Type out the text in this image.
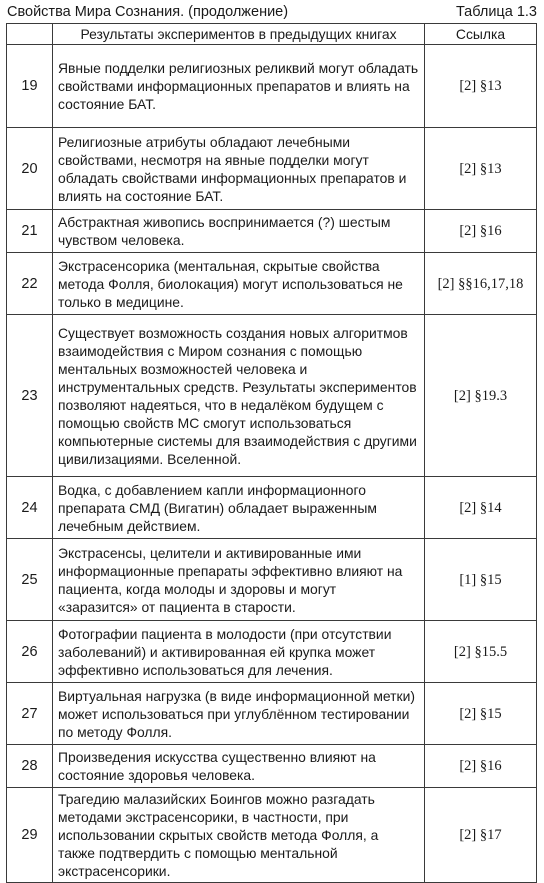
Свойства Мира Сознания. (продолжение)	Таблица 1.3
	Результаты экспериментов в предыдущих книгах	Ссылка
19	Явные подделки религиозных реликвий могут обладать свойствами информационных препаратов и влиять на состояние БАТ.	[2] §13
20	Религиозные атрибуты обладают лечебными свойствами, несмотря на явные подделки могут обладать свойствами информационных препаратов и влиять на состояние БАТ.	[2] §13
21	Абстрактная живопись воспринимается (?) шестым чувством человека.	[2] §16
22	Экстрасенсорика (ментальная, скрытые свойства метода Фолля, биолокация) могут использоваться не только в медицине.	[2] §§16,17,18
23	Существует возможность создания новых алгоритмов взаимодействия с Миром сознания с помощью ментальных возможностей человека и инструментальных средств. Результаты экспериментов позволяют надеяться, что в недалёком будущем с помощью свойств МС смогут использоваться компьютерные системы для взаимодействия с другими цивилизациями. Вселенной.	[2] §19.3
24	Водка, с добавлением капли информационного препарата СМД (Вигатин) обладает выраженным лечебным действием.	[2] §14
25	Экстрасенсы, целители и активированные ими информационные препараты эффективно влияют на пациента, когда молоды и здоровы и могут «заразится» от пациента в старости.	[1] §15
26	Фотографии пациента в молодости (при отсутствии заболеваний) и активированная ей крупка может эффективно использоваться для лечения.	[2] §15.5
27	Виртуальная нагрузка (в виде информационной метки) может использоваться при углублённом тестировании по методу Фолля.	[2] §15
28	Произведения искусства существенно влияют на состояние здоровья человека.	[2] §16
29	Трагедию малазийских Боингов можно разгадать методами экстрасенсорики, в частности, при использовании скрытых свойств метода Фолля, а также подтвердить с помощью ментальной экстрасенсорики.	[2] §17
